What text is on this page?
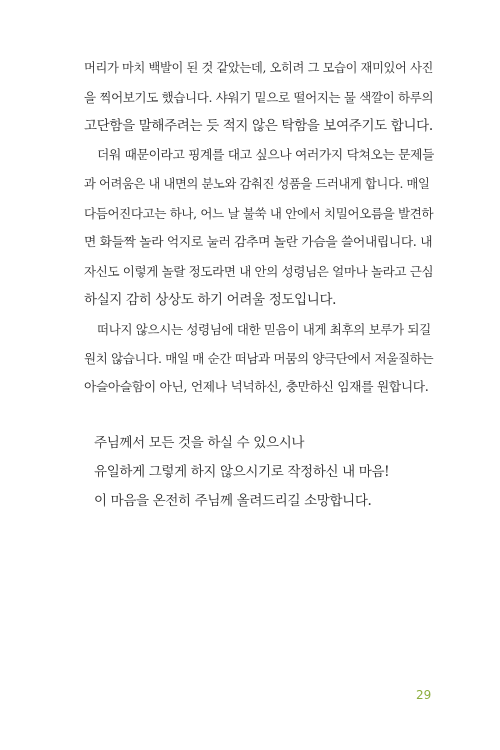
머리가 마치 백발이 된 것 같았는데, 오히려 그 모습이 재미있어 사진
을 찍어보기도 했습니다. 샤워기 밑으로 떨어지는 물 색깔이 하루의
고단함을 말해주려는 듯 적지 않은 탁함을 보여주기도 합니다.
더워 때문이라고 핑계를 대고 싶으나 여러가지 닥쳐오는 문제들
과 어려움은 내 내면의 분노와 감춰진 성품을 드러내게 합니다. 매일
다듬어진다고는 하나, 어느 날 불쑥 내 안에서 치밀어오름을 발견하
면 화들짝 놀라 억지로 눌러 감추며 놀란 가슴을 쓸어내립니다. 내
자신도 이렇게 놀랄 정도라면 내 안의 성령님은 얼마나 놀라고 근심
하실지 감히 상상도 하기 어려울 정도입니다.
떠나지 않으시는 성령님에 대한 믿음이 내게 최후의 보루가 되길
원치 않습니다. 매일 매 순간 떠남과 머뭄의 양극단에서 저울질하는
아슬아슬함이 아닌, 언제나 넉넉하신, 충만하신 임재를 원합니다.
주님께서 모든 것을 하실 수 있으시나
유일하게 그렇게 하지 않으시기로 작정하신 내 마음!
이 마음을 온전히 주님께 올려드리길 소망합니다.
29
